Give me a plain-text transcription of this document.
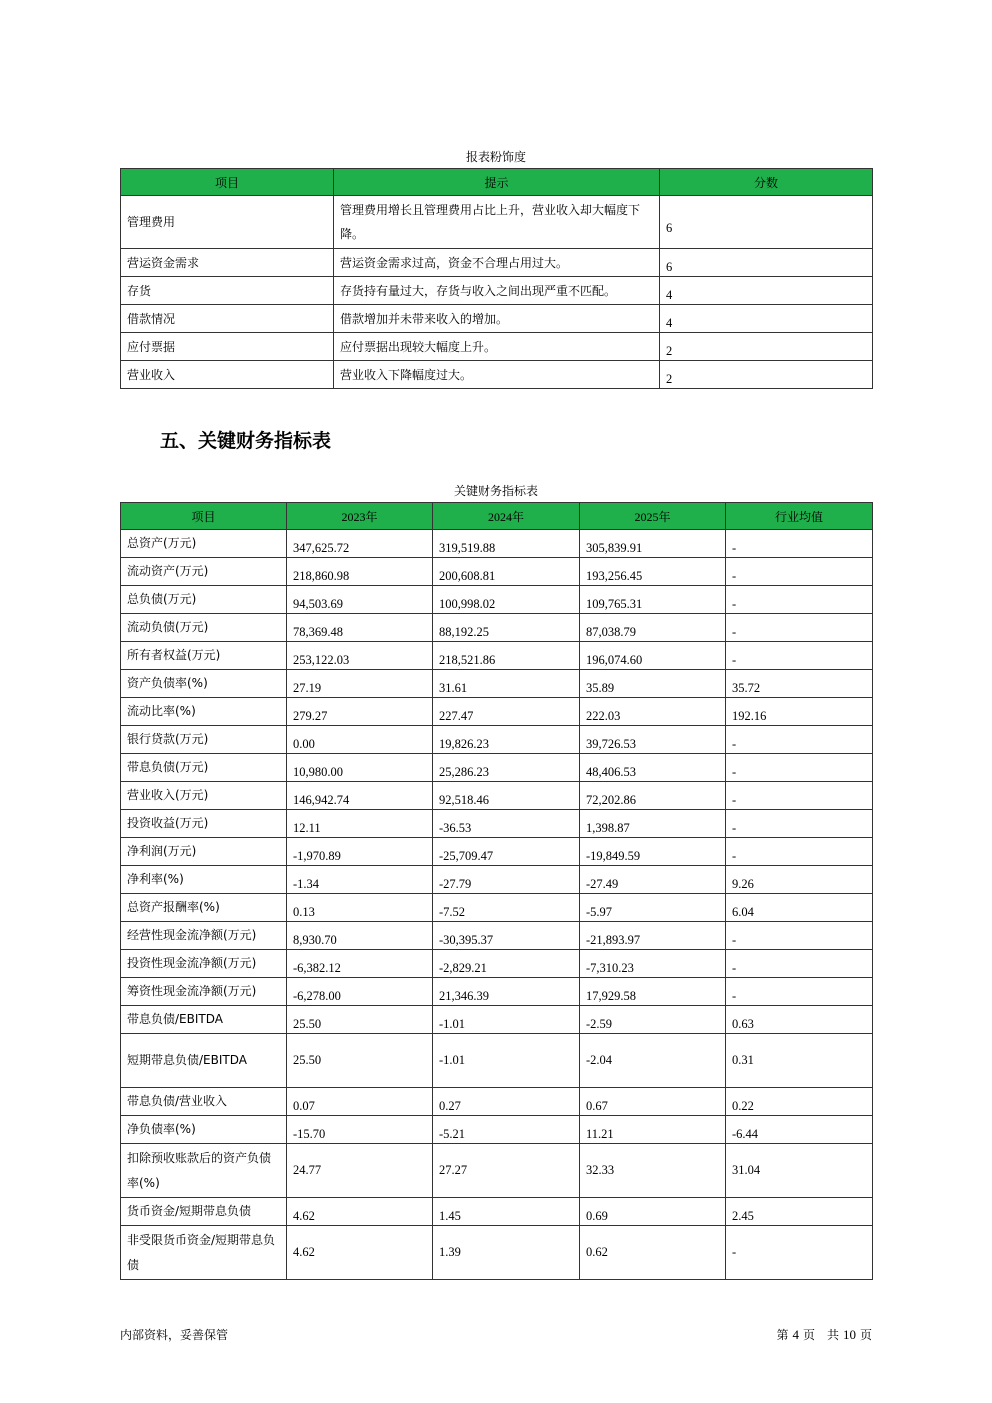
报表粉饰度
项目	提示	分数
管理费用	管理费用增长且管理费用占比上升，营业收入却大幅度下降。	6
营运资金需求	营运资金需求过高，资金不合理占用过大。	6
存货	存货持有量过大，存货与收入之间出现严重不匹配。	4
借款情况	借款增加并未带来收入的增加。	4
应付票据	应付票据出现较大幅度上升。	2
营业收入	营业收入下降幅度过大。	2
五、关键财务指标表
关键财务指标表
项目	2023年	2024年	2025年	行业均值
总资产(万元)	347,625.72	319,519.88	305,839.91	-
流动资产(万元)	218,860.98	200,608.81	193,256.45	-
总负债(万元)	94,503.69	100,998.02	109,765.31	-
流动负债(万元)	78,369.48	88,192.25	87,038.79	-
所有者权益(万元)	253,122.03	218,521.86	196,074.60	-
资产负债率(%)	27.19	31.61	35.89	35.72
流动比率(%)	279.27	227.47	222.03	192.16
银行贷款(万元)	0.00	19,826.23	39,726.53	-
带息负债(万元)	10,980.00	25,286.23	48,406.53	-
营业收入(万元)	146,942.74	92,518.46	72,202.86	-
投资收益(万元)	12.11	-36.53	1,398.87	-
净利润(万元)	-1,970.89	-25,709.47	-19,849.59	-
净利率(%)	-1.34	-27.79	-27.49	9.26
总资产报酬率(%)	0.13	-7.52	-5.97	6.04
经营性现金流净额(万元)	8,930.70	-30,395.37	-21,893.97	-
投资性现金流净额(万元)	-6,382.12	-2,829.21	-7,310.23	-
筹资性现金流净额(万元)	-6,278.00	21,346.39	17,929.58	-
带息负债/EBITDA	25.50	-1.01	-2.59	0.63
短期带息负债/EBITDA	25.50	-1.01	-2.04	0.31
带息负债/营业收入	0.07	0.27	0.67	0.22
净负债率(%)	-15.70	-5.21	11.21	-6.44
扣除预收账款后的资产负债率(%)	24.77	27.27	32.33	31.04
货币资金/短期带息负债	4.62	1.45	0.69	2.45
非受限货币资金/短期带息负债	4.62	1.39	0.62	-
内部资料，妥善保管	第 4 页　共 10 页
